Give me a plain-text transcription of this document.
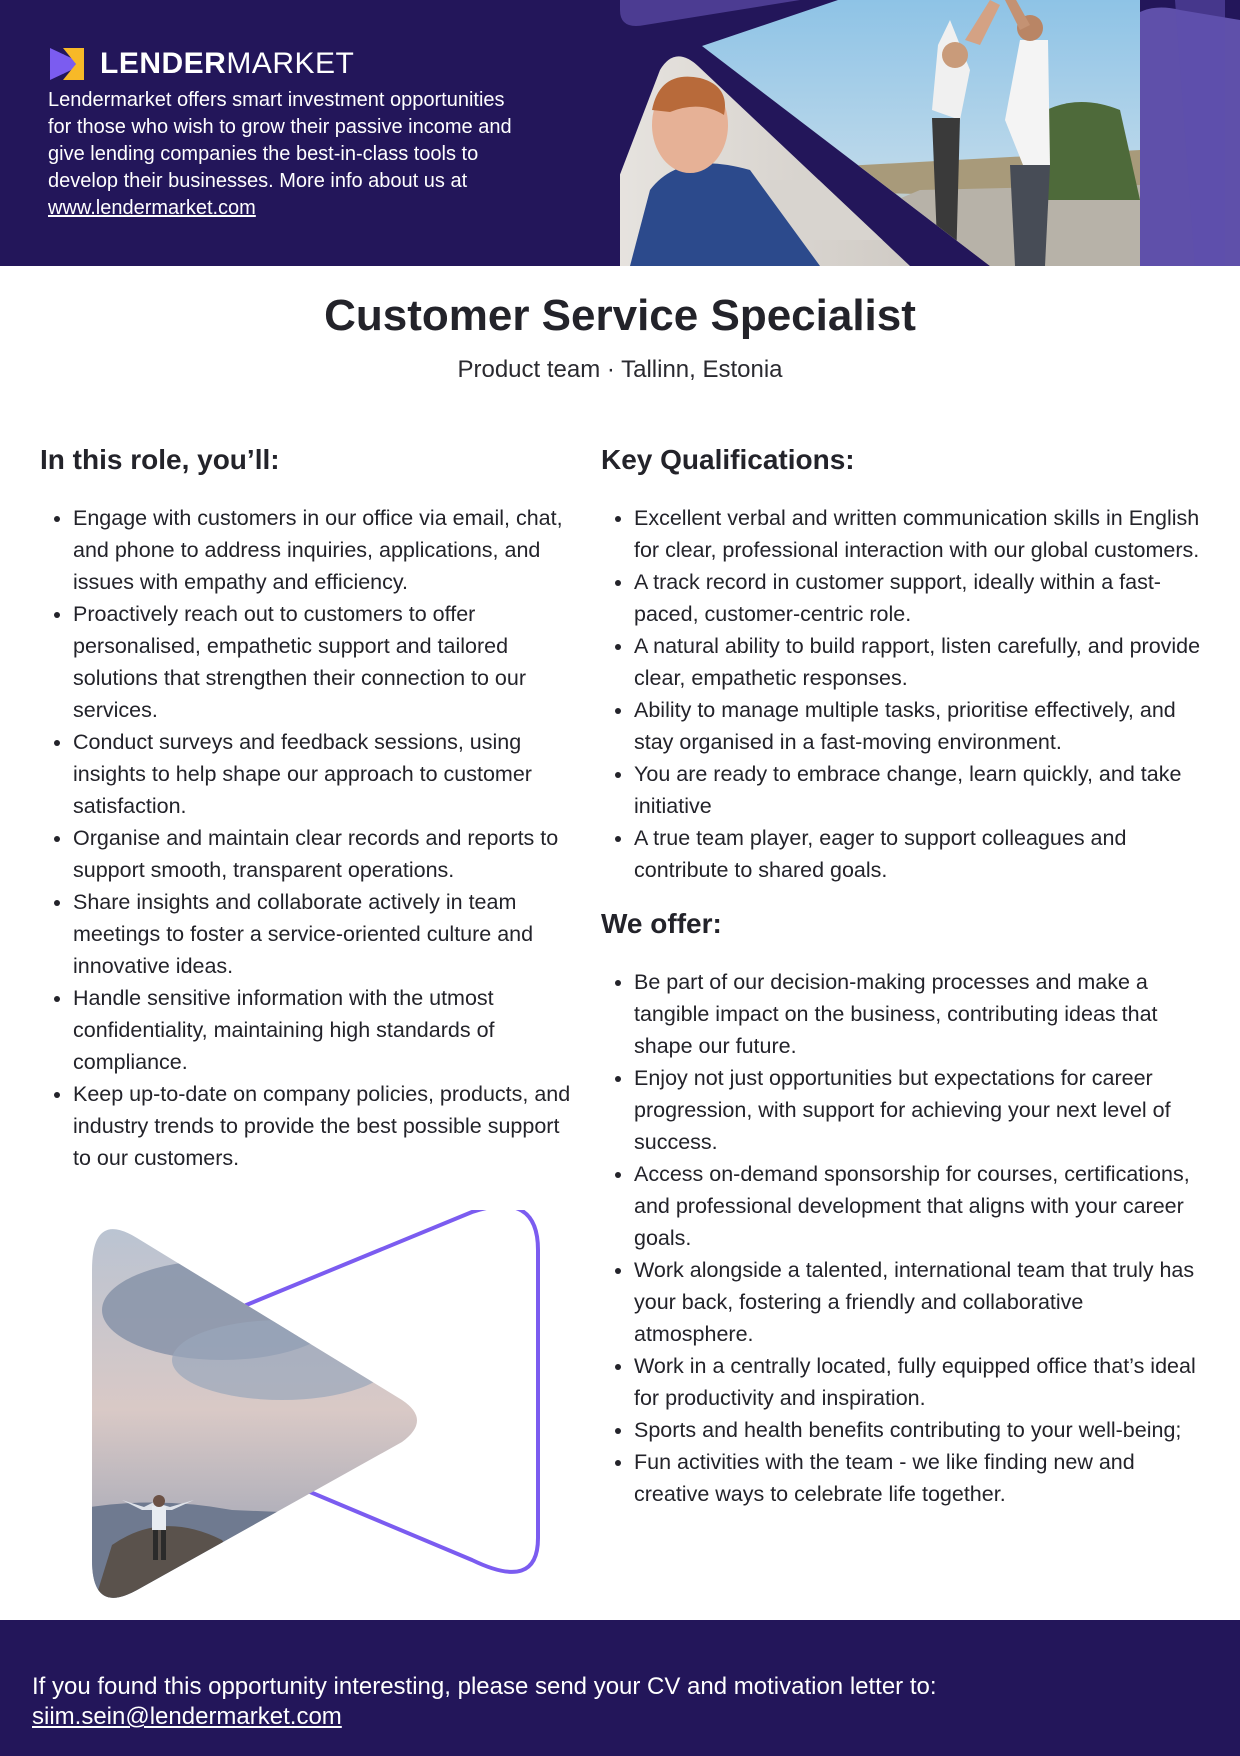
LENDERMARKET
Lendermarket offers smart investment opportunities for those who wish to grow their passive income and give lending companies the best-in-class tools to develop their businesses. More info about us at www.lendermarket.com
Customer Service Specialist
Product team · Tallinn, Estonia
In this role, you’ll:
• Engage with customers in our office via email, chat, and phone to address inquiries, applications, and issues with empathy and efficiency.
• Proactively reach out to customers to offer personalised, empathetic support and tailored solutions that strengthen their connection to our services.
• Conduct surveys and feedback sessions, using insights to help shape our approach to customer satisfaction.
• Organise and maintain clear records and reports to support smooth, transparent operations.
• Share insights and collaborate actively in team meetings to foster a service-oriented culture and innovative ideas.
• Handle sensitive information with the utmost confidentiality, maintaining high standards of compliance.
• Keep up-to-date on company policies, products, and industry trends to provide the best possible support to our customers.
Key Qualifications:
• Excellent verbal and written communication skills in English for clear, professional interaction with our global customers.
• A track record in customer support, ideally within a fast-paced, customer-centric role.
• A natural ability to build rapport, listen carefully, and provide clear, empathetic responses.
• Ability to manage multiple tasks, prioritise effectively, and stay organised in a fast-moving environment.
• You are ready to embrace change, learn quickly, and take initiative
• A true team player, eager to support colleagues and contribute to shared goals.
We offer:
• Be part of our decision-making processes and make a tangible impact on the business, contributing ideas that shape our future.
• Enjoy not just opportunities but expectations for career progression, with support for achieving your next level of success.
• Access on-demand sponsorship for courses, certifications, and professional development that aligns with your career goals.
• Work alongside a talented, international team that truly has your back, fostering a friendly and collaborative atmosphere.
• Work in a centrally located, fully equipped office that’s ideal for productivity and inspiration.
• Sports and health benefits contributing to your well-being;
• Fun activities with the team - we like finding new and creative ways to celebrate life together.
If you found this opportunity interesting, please send your CV and motivation letter to:
siim.sein@lendermarket.com
